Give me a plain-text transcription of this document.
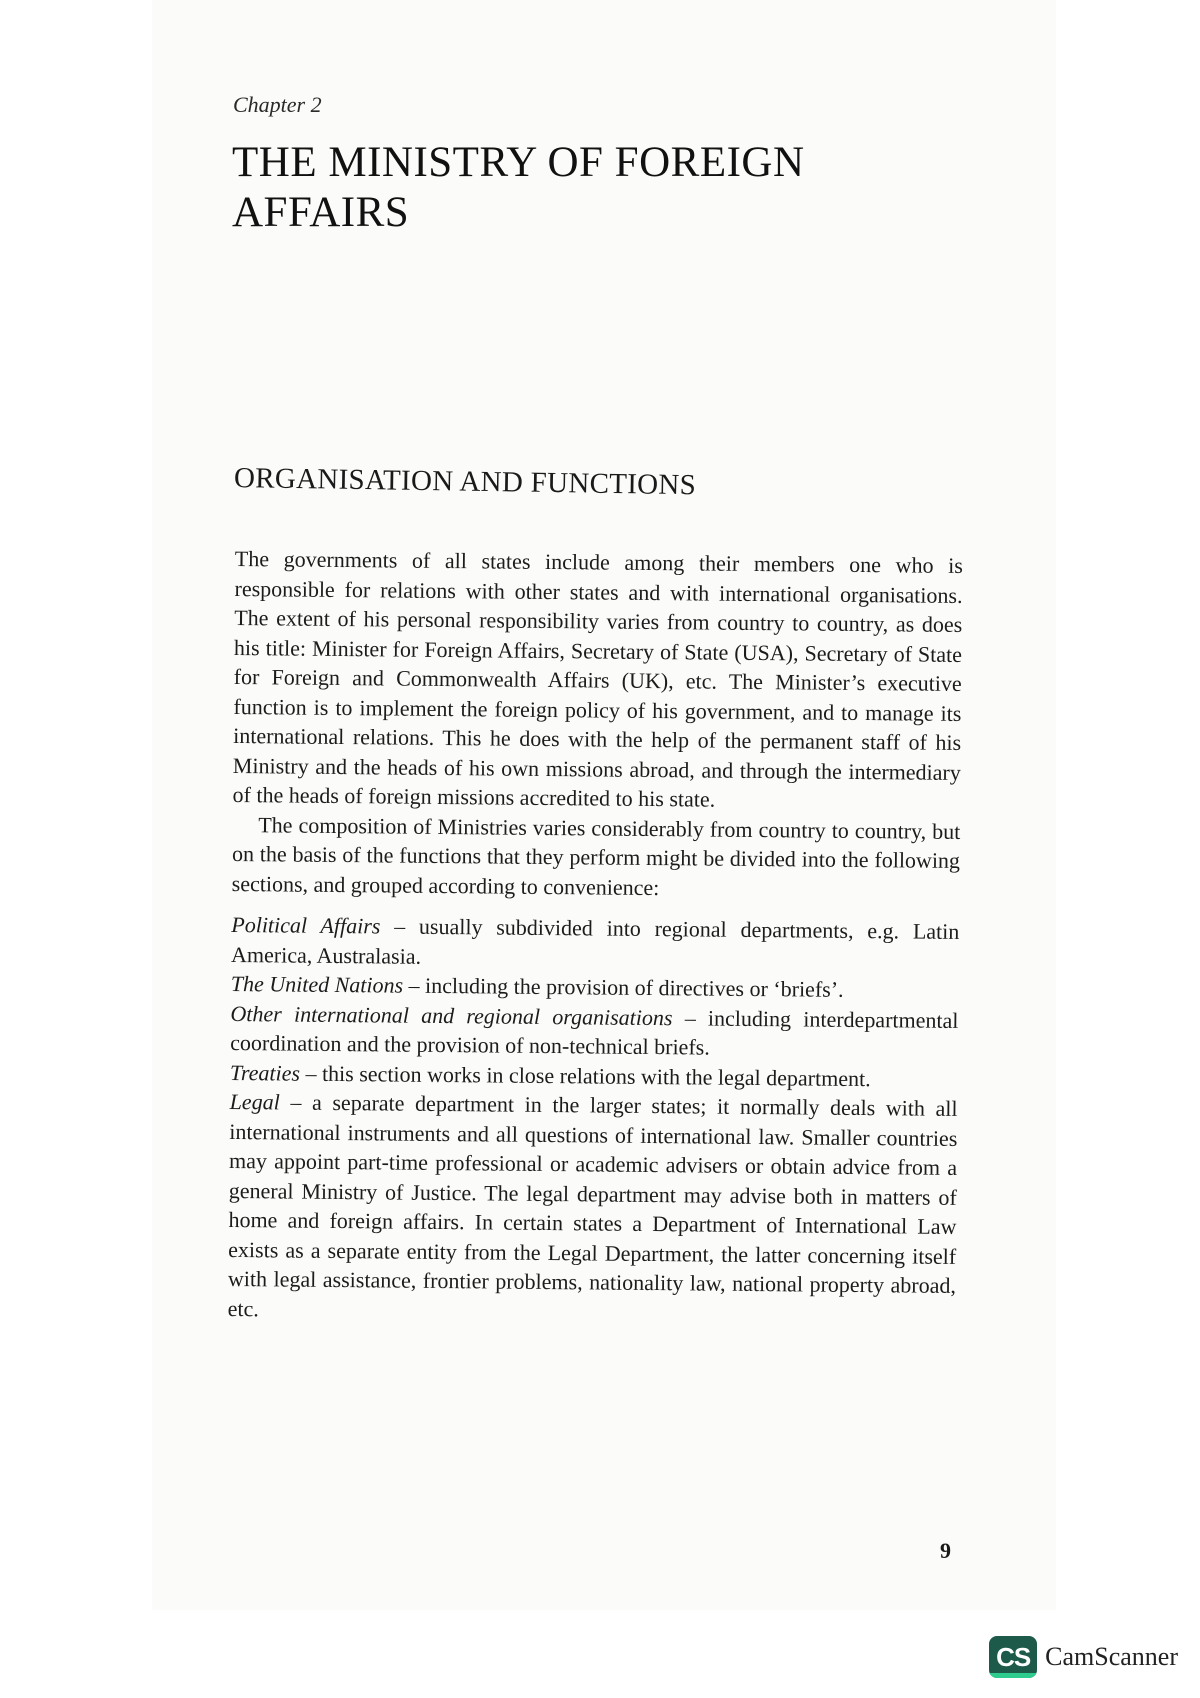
Chapter 2
THE MINISTRY OF FOREIGN AFFAIRS
ORGANISATION AND FUNCTIONS

The governments of all states include among their members one who is responsible for relations with other states and with international organisations. The extent of his personal responsibility varies from country to country, as does his title: Minister for Foreign Affairs, Secretary of State (USA), Secretary of State for Foreign and Commonwealth Affairs (UK), etc. The Minister’s executive function is to implement the foreign policy of his government, and to manage its international relations. This he does with the help of the permanent staff of his Ministry and the heads of his own missions abroad, and through the intermediary of the heads of foreign missions accredited to his state.

The composition of Ministries varies considerably from country to country, but on the basis of the functions that they perform might be divided into the following sections, and grouped according to convenience:

Political Affairs – usually subdivided into regional departments, e.g. Latin America, Australasia.

The United Nations – including the provision of directives or ‘briefs’.

Other international and regional organisations – including interdepartmental coordination and the provision of non-technical briefs.

Treaties – this section works in close relations with the legal department.

Legal – a separate department in the larger states; it normally deals with all international instruments and all questions of international law. Smaller countries may appoint part-time professional or academic advisers or obtain advice from a general Ministry of Justice. The legal department may advise both in matters of home and foreign affairs. In certain states a Department of International Law exists as a separate entity from the Legal Department, the latter concerning itself with legal assistance, frontier problems, nationality law, national property abroad, etc.

9
CS CamScanner
